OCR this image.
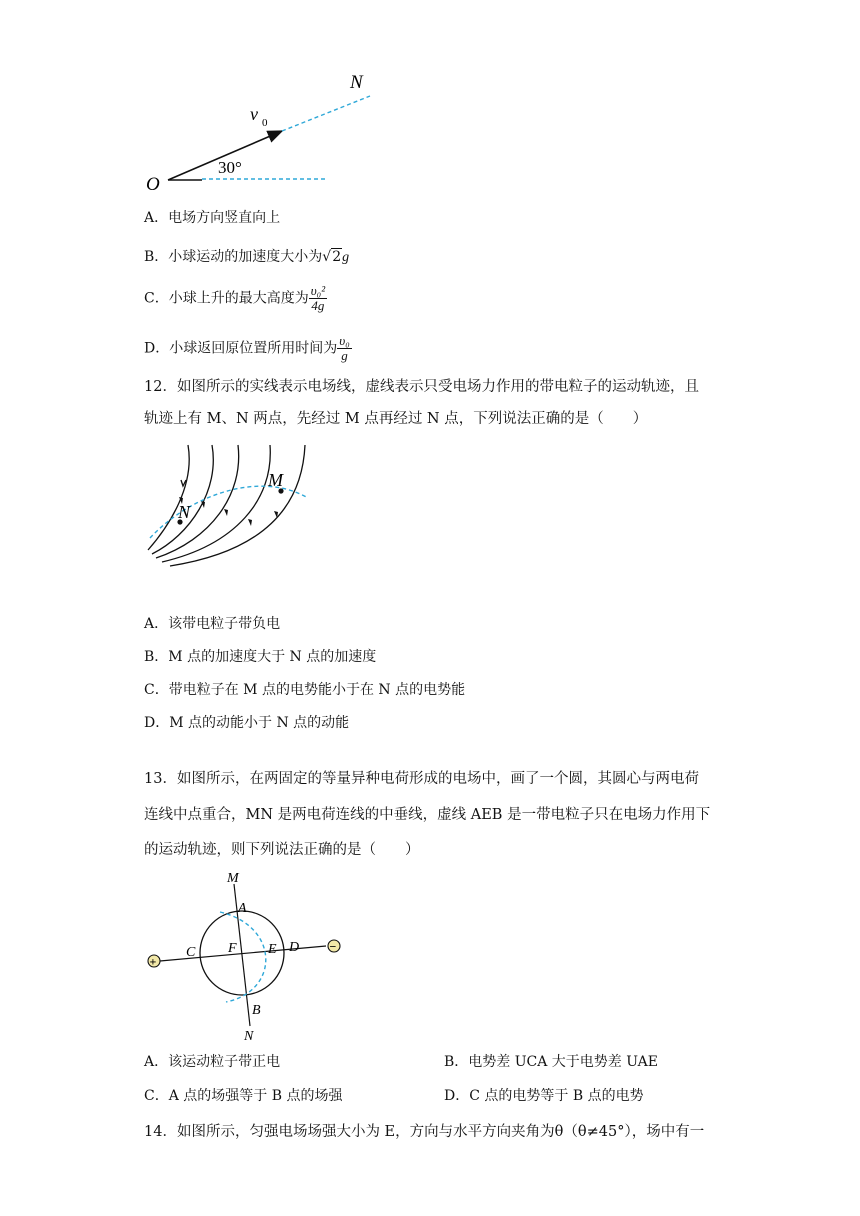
N
v 0
30°
O
A．电场方向竖直向上
B．小球运动的加速度大小为√2g
C．小球上升的最大高度为 $\frac{\text{υ₀²}}{4g}$
D．小球返回原位置所用时间为 $\frac{\text{υ₀}}{g}$
12．如图所示的实线表示电场线，虚线表示只受电场力作用的带电粒子的运动轨迹，且
轨迹上有 M、N 两点，先经过 M 点再经过 N 点，下列说法正确的是（　　）
M
N
A．该带电粒子带负电
B．M 点的加速度大于 N 点的加速度
C．带电粒子在 M 点的电势能小于在 N 点的电势能
D．M 点的动能小于 N 点的动能
13．如图所示，在两固定的等量异种电荷形成的电场中，画了一个圆，其圆心与两电荷
连线中点重合，MN 是两电荷连线的中垂线，虚线 AEB 是一带电粒子只在电场力作用下
的运动轨迹，则下列说法正确的是（　　）
+
−
M
A
C F E D
B
N
A．该运动粒子带正电	B．电势差 UCA 大于电势差 UAE
C．A 点的场强等于 B 点的场强	D．C 点的电势等于 B 点的电势
14．如图所示，匀强电场场强大小为 E，方向与水平方向夹角为θ（θ≠45°），场中有一
